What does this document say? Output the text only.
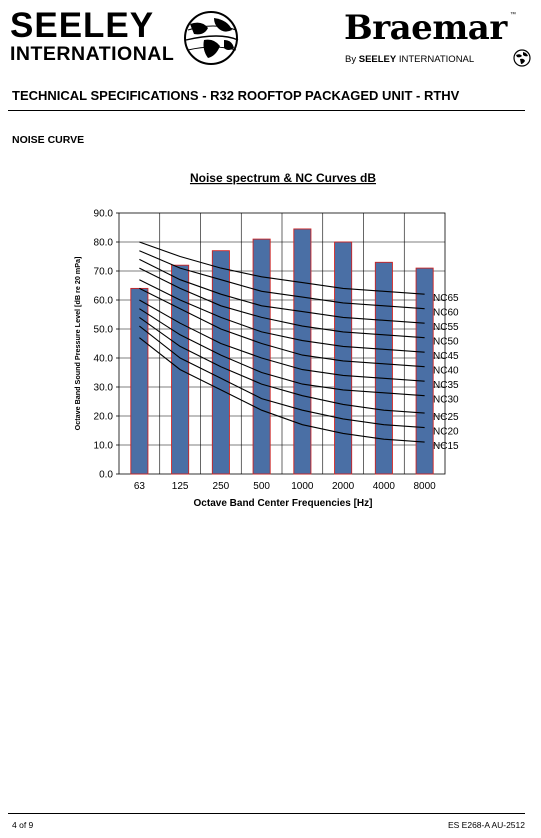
SEELEY
INTERNATIONAL
Braemar ™
By SEELEY INTERNATIONAL
TECHNICAL SPECIFICATIONS - R32 ROOFTOP PACKAGED UNIT - RTHV
NOISE CURVE
Noise spectrum & NC Curves dB
NC65
NC60
NC55
NC50
NC45
NC40
NC35
NC30
NC25
NC20
NC15
0.0
10.0
20.0
30.0
40.0
50.0
60.0
70.0
80.0
90.0
63	125 250 500 1000 2000 4000 8000
Octave Band Center Frequencies [Hz]
Octave Band Sound Pressure Level [dB re 20 mPa]
4 of 9	ES E268-A AU-2512
